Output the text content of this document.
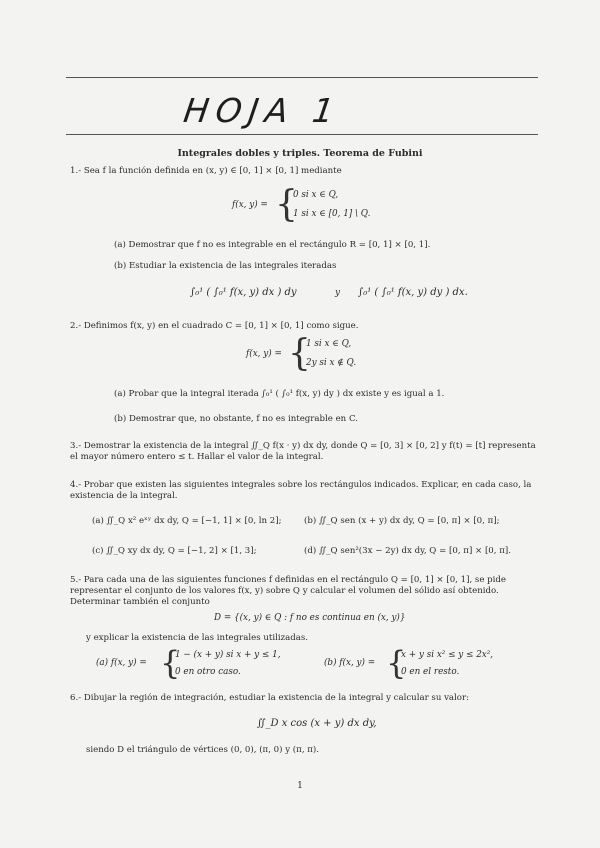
HOJA 1
Integrales dobles y triples. Teorema de Fubini
1.- Sea f la función definida en (x, y) ∈ [0, 1] × [0, 1] mediante
f(x, y) = {
0 si x ∈ Q,
1 si x ∈ [0, 1] \ Q.
(a) Demostrar que f no es integrable en el rectángulo R = [0, 1] × [0, 1].
(b) Estudiar la existencia de las integrales iteradas
∫₀¹ ( ∫₀¹ f(x, y) dx ) dy	y ∫₀¹ ( ∫₀¹ f(x, y) dy ) dx.
2.- Definimos f(x, y) en el cuadrado C = [0, 1] × [0, 1] como sigue.
f(x, y) = {
1 si x ∈ Q,
2y si x ∉ Q.
(a) Probar que la integral iterada ∫₀¹ ( ∫₀¹ f(x, y) dy ) dx existe y es igual a 1.
(b) Demostrar que, no obstante, f no es integrable en C.
3.- Demostrar la existencia de la integral ∬_Q f(x · y) dx dy, donde Q = [0, 3] × [0, 2] y f(t) = [t] representa el mayor número entero ≤ t. Hallar el valor de la integral.
4.- Probar que existen las siguientes integrales sobre los rectángulos indicados. Explicar, en cada caso, la existencia de la integral.
(a) ∬_Q x² eˣʸ dx dy, Q = [−1, 1] × [0, ln 2];	(b) ∬_Q sen (x + y) dx dy, Q = [0, π] × [0, π];
(c) ∬_Q xy dx dy, Q = [−1, 2] × [1, 3];	(d) ∬_Q sen²(3x − 2y) dx dy, Q = [0, π] × [0, π].
5.- Para cada una de las siguientes funciones f definidas en el rectángulo Q = [0, 1] × [0, 1], se pide representar el conjunto de los valores f(x, y) sobre Q y calcular el volumen del sólido así obtenido. Determinar también el conjunto
D = {(x, y) ∈ Q : f no es continua en (x, y)}
y explicar la existencia de las integrales utilizadas.
(a) f(x, y) = {
1 − (x + y) si x + y ≤ 1,
0 en otro caso.
(b) f(x, y) = {
x + y si x² ≤ y ≤ 2x²,
0 en el resto.
6.- Dibujar la región de integración, estudiar la existencia de la integral y calcular su valor:
∬_D x cos (x + y) dx dy,
siendo D el triángulo de vértices (0, 0), (π, 0) y (π, π).
1
